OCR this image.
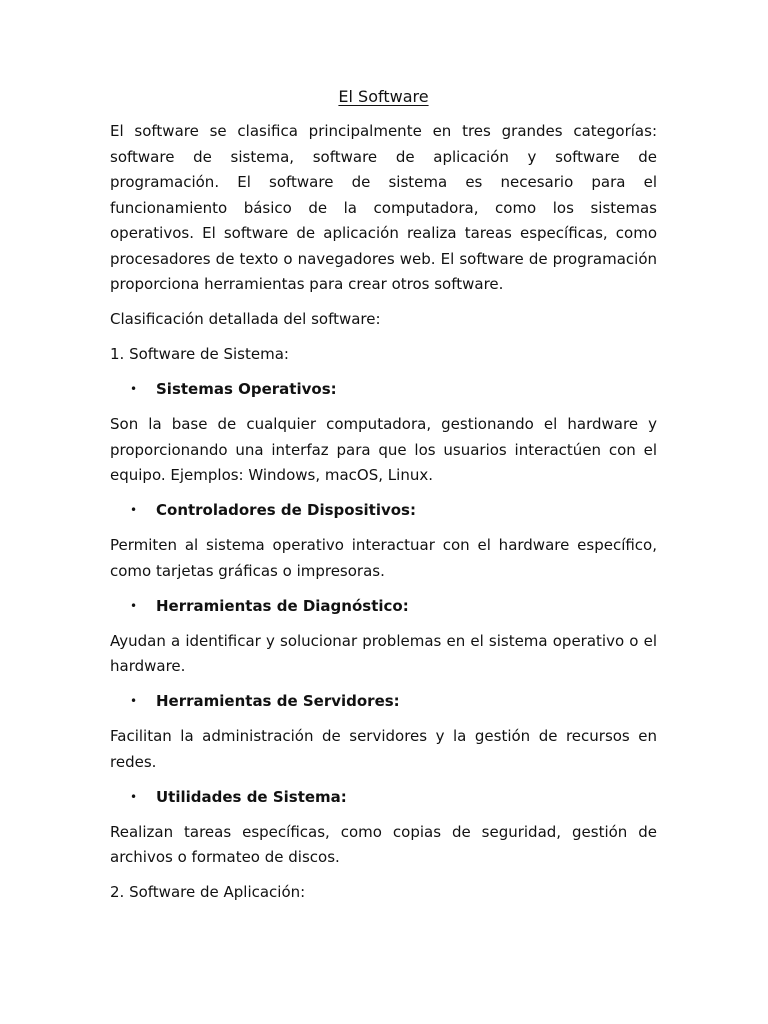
El Software
El software se clasifica principalmente en tres grandes categorías: software de sistema, software de aplicación y software de programación. El software de sistema es necesario para el funcionamiento básico de la computadora, como los sistemas operativos. El software de aplicación realiza tareas específicas, como procesadores de texto o navegadores web. El software de programación proporciona herramientas para crear otros software.
Clasificación detallada del software:
1. Software de Sistema:
• Sistemas Operativos:
Son la base de cualquier computadora, gestionando el hardware y proporcionando una interfaz para que los usuarios interactúen con el equipo. Ejemplos: Windows, macOS, Linux.
• Controladores de Dispositivos:
Permiten al sistema operativo interactuar con el hardware específico, como tarjetas gráficas o impresoras.
• Herramientas de Diagnóstico:
Ayudan a identificar y solucionar problemas en el sistema operativo o el hardware.
• Herramientas de Servidores:
Facilitan la administración de servidores y la gestión de recursos en redes.
• Utilidades de Sistema:
Realizan tareas específicas, como copias de seguridad, gestión de archivos o formateo de discos.
2. Software de Aplicación:
